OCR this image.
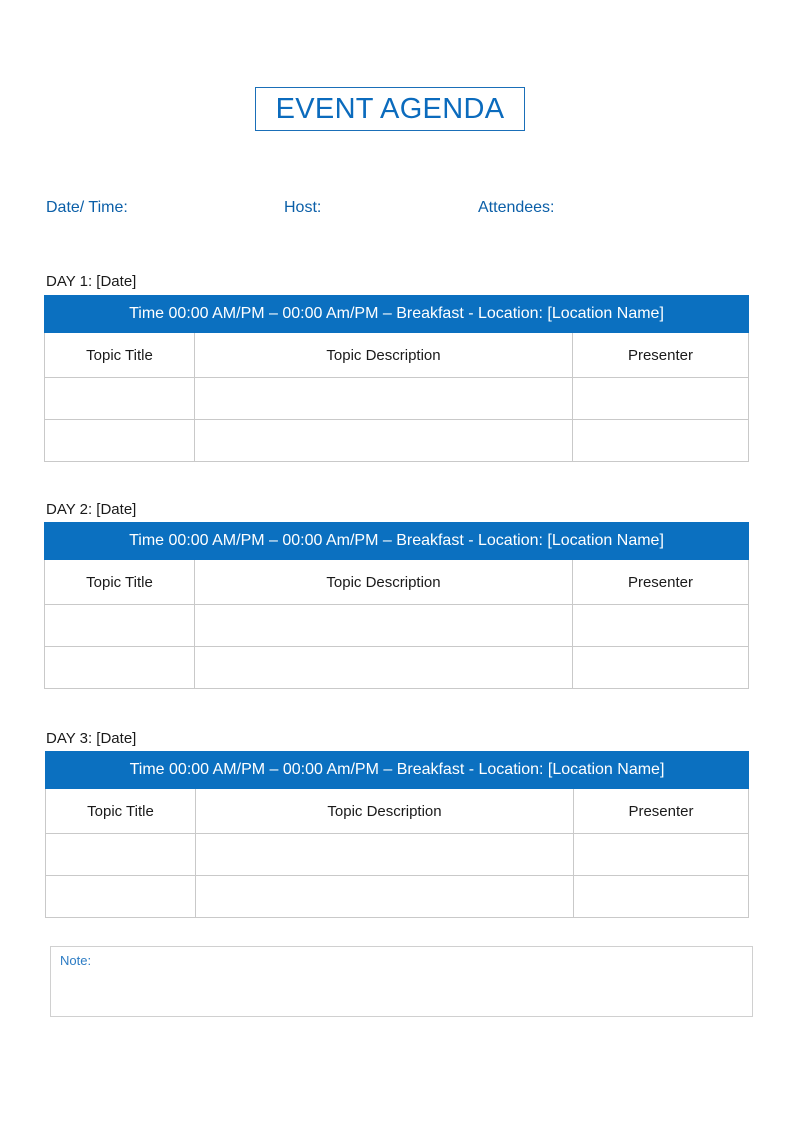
EVENT AGENDA
Date/ Time:	Host:	Attendees:
DAY 1: [Date]
Time 00:00 AM/PM – 00:00 Am/PM – Breakfast - Location: [Location Name]		
Topic Title	Topic Description	Presenter

DAY 2: [Date]
Time 00:00 AM/PM – 00:00 Am/PM – Breakfast - Location: [Location Name]		
Topic Title	Topic Description	Presenter

DAY 3: [Date]
Time 00:00 AM/PM – 00:00 Am/PM – Breakfast - Location: [Location Name]		
Topic Title	Topic Description	Presenter

Note:
